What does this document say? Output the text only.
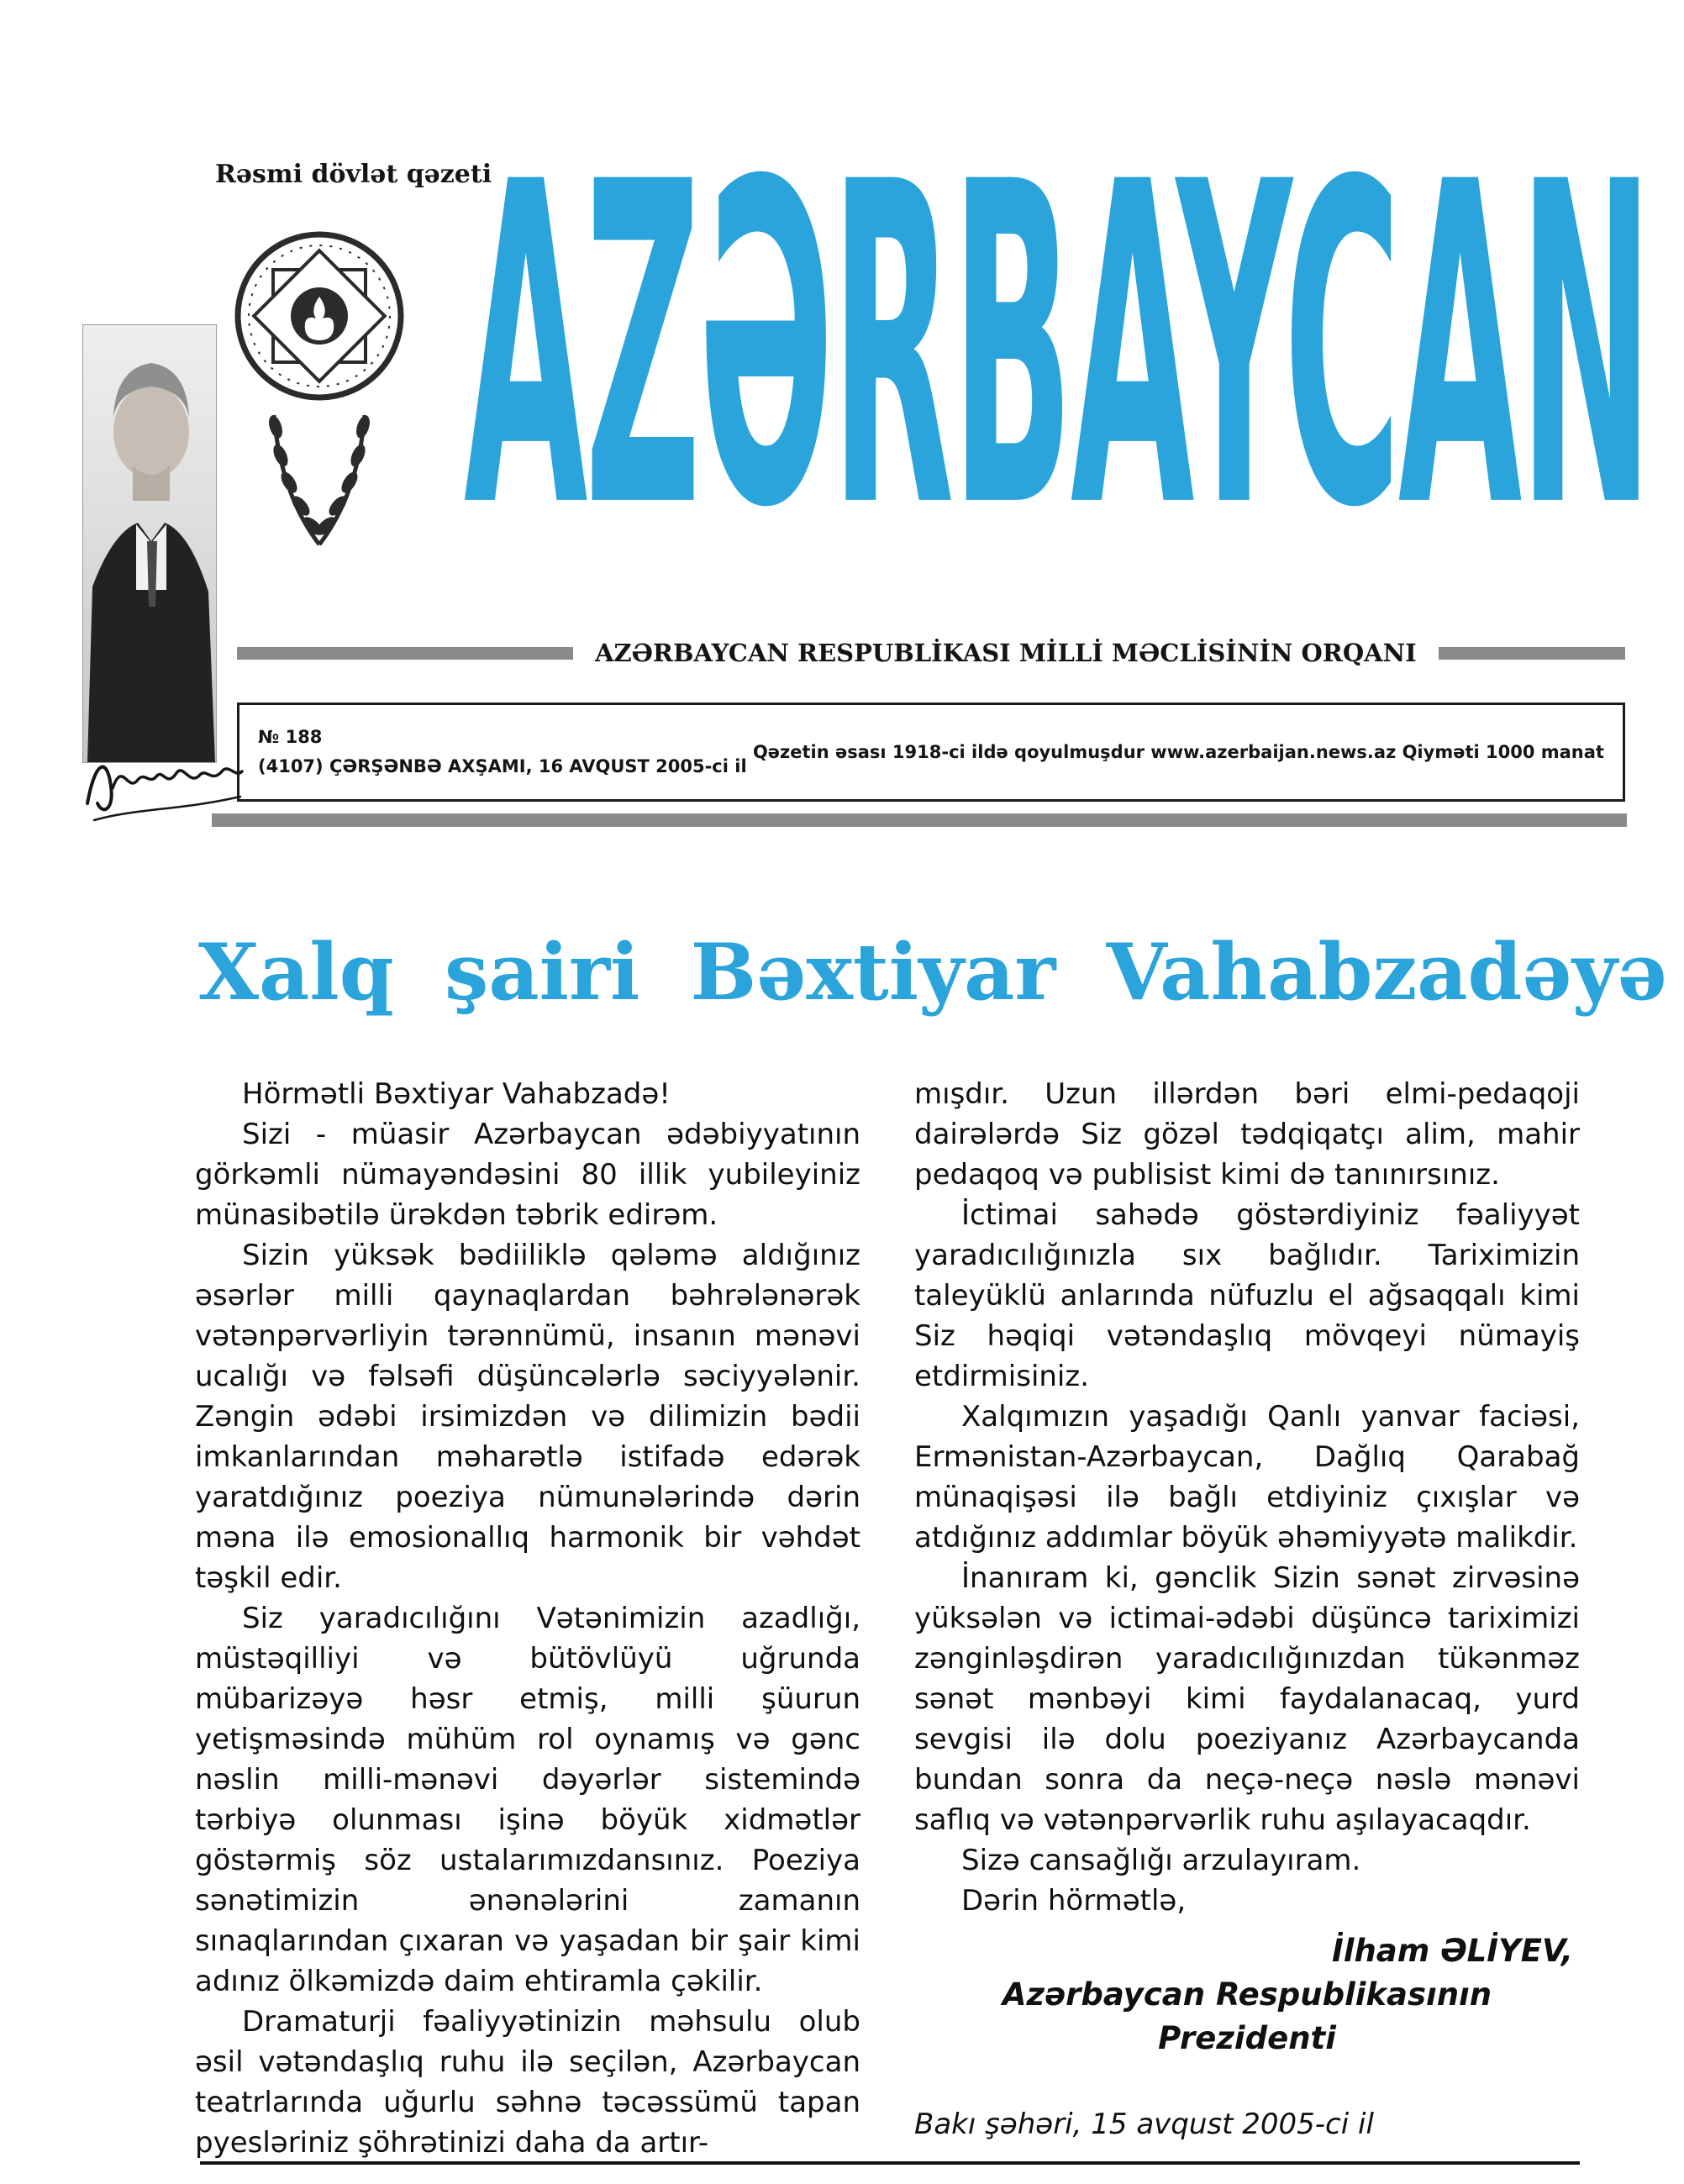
Rəsmi dövlət qəzeti
AZƏRBAYCAN
AZƏRBAYCAN RESPUBLİKASI MİLLİ MƏCLİSİNİN ORQANI
№ 188
(4107) ÇƏRŞƏNBƏ AXŞAMI, 16 AVQUST 2005-ci il
Qəzetin əsası 1918-ci ildə qoyulmuşdur www.azerbaijan.news.az Qiyməti 1000 manat
Xalq şairi Bəxtiyar Vahabzadəyə

Hörmətli Bəxtiyar Vahabzadə!

Sizi - müasir Azərbaycan ədəbiyyatının görkəmli nümayəndəsini 80 illik yubileyiniz münasibətilə ürəkdən təbrik edirəm.

Sizin yüksək bədiiliklə qələmə aldığınız əsərlər milli qaynaqlardan bəhrələnərək vətənpərvərliyin tərənnümü, insanın mənəvi ucalığı və fəlsəfi düşüncələrlə səciyyələnir. Zəngin ədəbi irsimizdən və dilimizin bədii imkanlarından məharətlə istifadə edərək yaratdığınız poeziya nümunələrində dərin məna ilə emosionallıq harmonik bir vəhdət təşkil edir.

Siz yaradıcılığını Vətənimizin azadlığı, müstəqilliyi və bütövlüyü uğrunda mübarizəyə həsr etmiş, milli şüurun yetişməsində mühüm rol oynamış və gənc nəslin milli-mənəvi dəyərlər sistemində tərbiyə olunması işinə böyük xidmətlər göstərmiş söz ustalarımızdansınız. Poeziya sənətimizin ənənələrini zamanın sınaqlarından çıxaran və yaşadan bir şair kimi adınız ölkəmizdə daim ehtiramla çəkilir.

Dramaturji fəaliyyətinizin məhsulu olub əsil vətəndaşlıq ruhu ilə seçilən, Azərbaycan teatrlarında uğurlu səhnə təcəssümü tapan pyesləriniz şöhrətinizi daha da artır-

mışdır. Uzun illərdən bəri elmi-pedaqoji dairələrdə Siz gözəl tədqiqatçı alim, mahir pedaqoq və publisist kimi də tanınırsınız.

İctimai sahədə göstərdiyiniz fəaliyyət yaradıcılığınızla sıx bağlıdır. Tariximizin taleyüklü anlarında nüfuzlu el ağsaqqalı kimi Siz həqiqi vətəndaşlıq mövqeyi nümayiş etdirmisiniz.

Xalqımızın yaşadığı Qanlı yanvar faciəsi, Ermənistan-Azərbaycan, Dağlıq Qarabağ münaqişəsi ilə bağlı etdiyiniz çıxışlar və atdığınız addımlar böyük əhəmiyyətə malikdir.

İnanıram ki, gənclik Sizin sənət zirvəsinə yüksələn və ictimai-ədəbi düşüncə tariximizi zənginləşdirən yaradıcılığınızdan tükənməz sənət mənbəyi kimi faydalanacaq, yurd sevgisi ilə dolu poeziyanız Azərbaycanda bundan sonra da neçə-neçə nəslə mənəvi saflıq və vətənpərvərlik ruhu aşılayacaqdır.

Sizə cansağlığı arzulayıram.

Dərin hörmətlə,

İlham ƏLİYEV,

Azərbaycan Respublikasının Prezidenti

Bakı şəhəri, 15 avqust 2005-ci il
